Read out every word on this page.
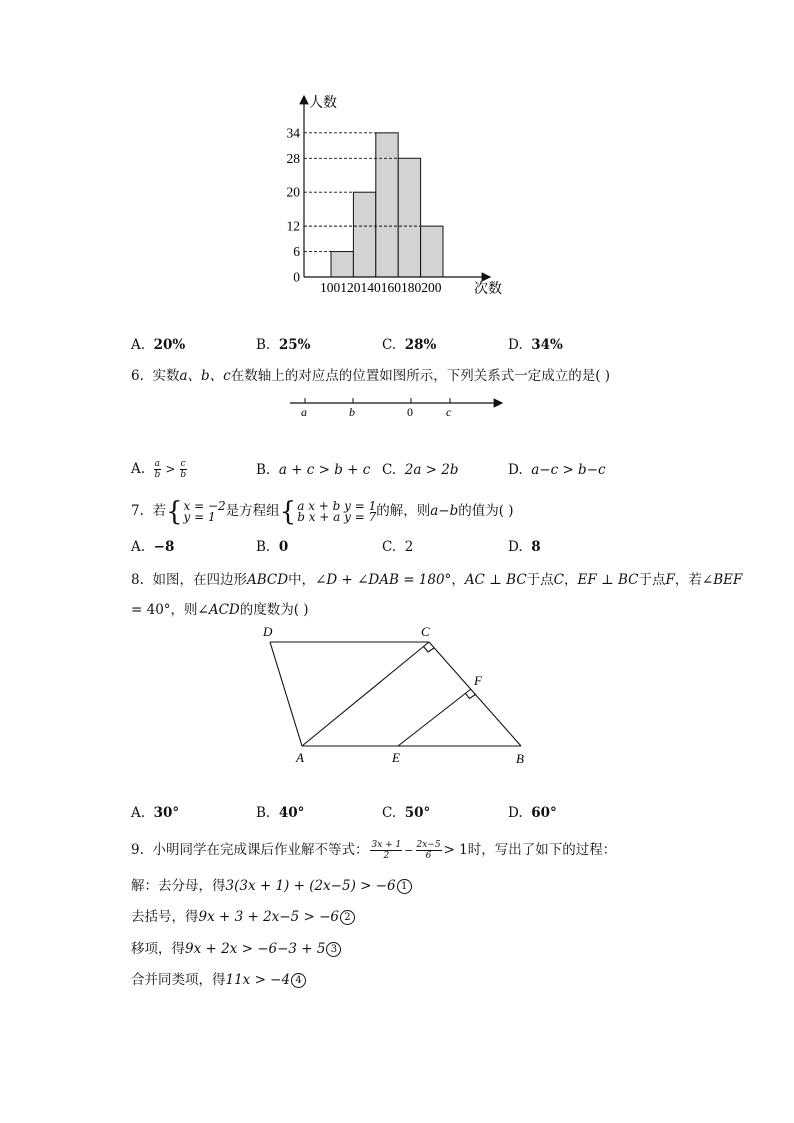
0
6
12
20
28
34
人数
100120140160180200 次数
A. 20%	B. 25%	C. 28%	D. 34%
6. 实数a、b、c在数轴上的对应点的位置如图所示，下列关系式一定成立的是( )
a	b	0	c
A. $\frac{a}{b} > \frac{c}{b}$	B. a + c > b + c C. 2a > 2b	D. a−c > b−c
7. 若 { x = −2
y = 1 是方程组 { a x + b y = 1
b x + a y = 7 的解，则a−b的值为( )
A. −8	B. 0	C. 2	D. 8
8. 如图，在四边形ABCD中，∠D + ∠DAB = 180°，AC ⊥ BC于点C，EF ⊥ BC于点F，若∠BEF
= 40°，则∠ACD的度数为( )
D	C
F
A	E	B
A. 30°	B. 40°	C. 50°	D. 60°
9. 小明同学在完成课后作业解不等式： $\frac{3x + 1}{2} - \frac{2x-5}{6} > 1$时，写出了如下的过程：
解：去分母，得3(3x + 1) + (2x−5) > −6 1
去括号，得9x + 3 + 2x−5 > −6 2
移项，得9x + 2x > −6−3 + 5 3
合并同类项，得11x > −4 4
